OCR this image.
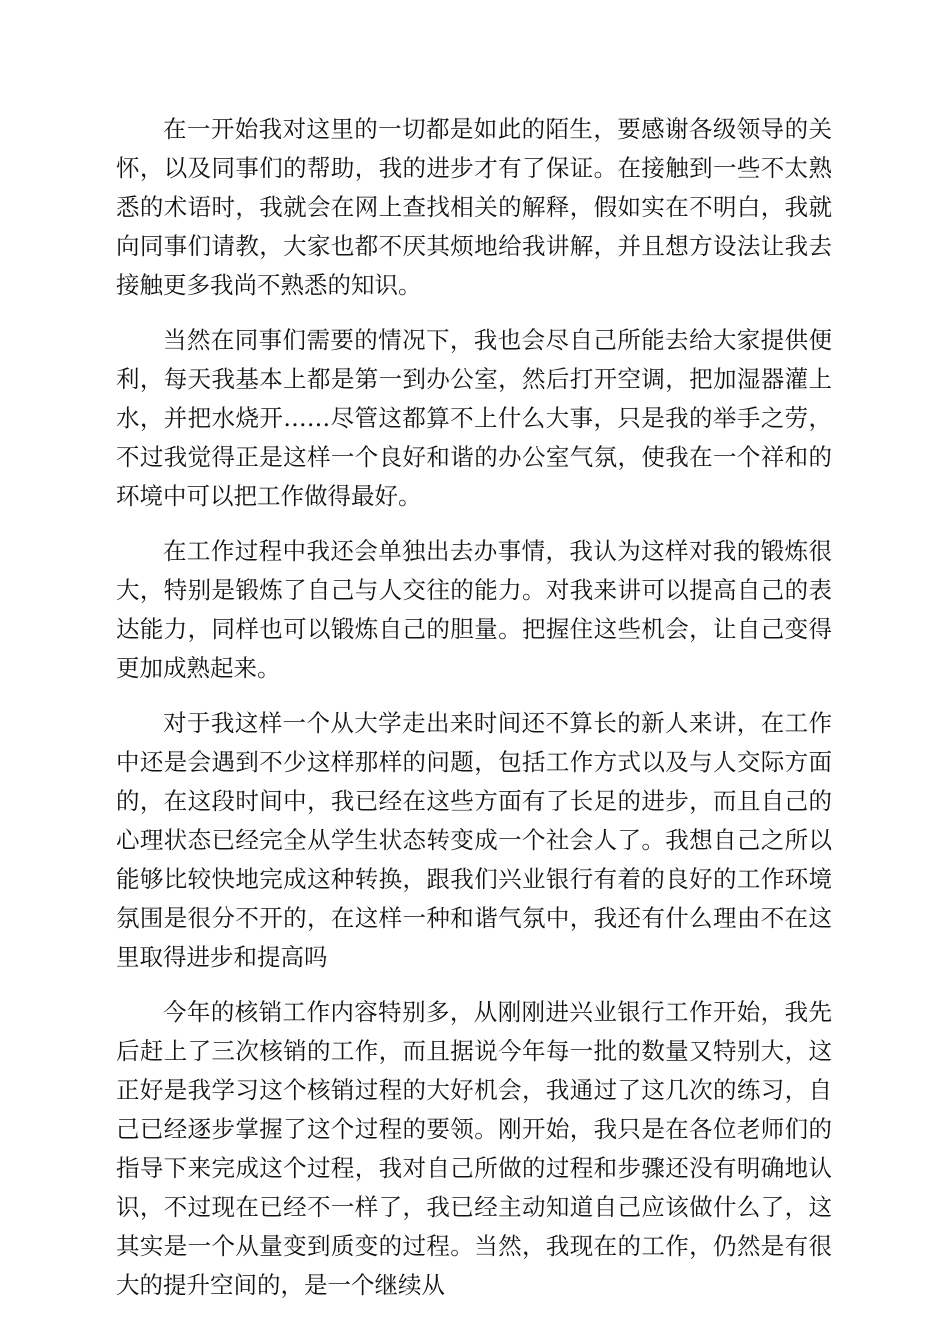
在一开始我对这里的一切都是如此的陌生，要感谢各级领导的关怀，以及同事们的帮助，我的进步才有了保证。在接触到一些不太熟悉的术语时，我就会在网上查找相关的解释，假如实在不明白，我就向同事们请教，大家也都不厌其烦地给我讲解，并且想方设法让我去接触更多我尚不熟悉的知识。

当然在同事们需要的情况下，我也会尽自己所能去给大家提供便利，每天我基本上都是第一到办公室，然后打开空调，把加湿器灌上水，并把水烧开……尽管这都算不上什么大事，只是我的举手之劳，不过我觉得正是这样一个良好和谐的办公室气氛，使我在一个祥和的环境中可以把工作做得最好。

在工作过程中我还会单独出去办事情，我认为这样对我的锻炼很大，特别是锻炼了自己与人交往的能力。对我来讲可以提高自己的表达能力，同样也可以锻炼自己的胆量。把握住这些机会，让自己变得更加成熟起来。

对于我这样一个从大学走出来时间还不算长的新人来讲，在工作中还是会遇到不少这样那样的问题，包括工作方式以及与人交际方面的，在这段时间中，我已经在这些方面有了长足的进步，而且自己的心理状态已经完全从学生状态转变成一个社会人了。我想自己之所以能够比较快地完成这种转换，跟我们兴业银行有着的良好的工作环境氛围是很分不开的，在这样一种和谐气氛中，我还有什么理由不在这里取得进步和提高吗

今年的核销工作内容特别多，从刚刚进兴业银行工作开始，我先后赶上了三次核销的工作，而且据说今年每一批的数量又特别大，这正好是我学习这个核销过程的大好机会，我通过了这几次的练习，自己已经逐步掌握了这个过程的要领。刚开始，我只是在各位老师们的指导下来完成这个过程，我对自己所做的过程和步骤还没有明确地认识，不过现在已经不一样了，我已经主动知道自己应该做什么了，这其实是一个从量变到质变的过程。当然，我现在的工作，仍然是有很大的提升空间的，是一个继续从
